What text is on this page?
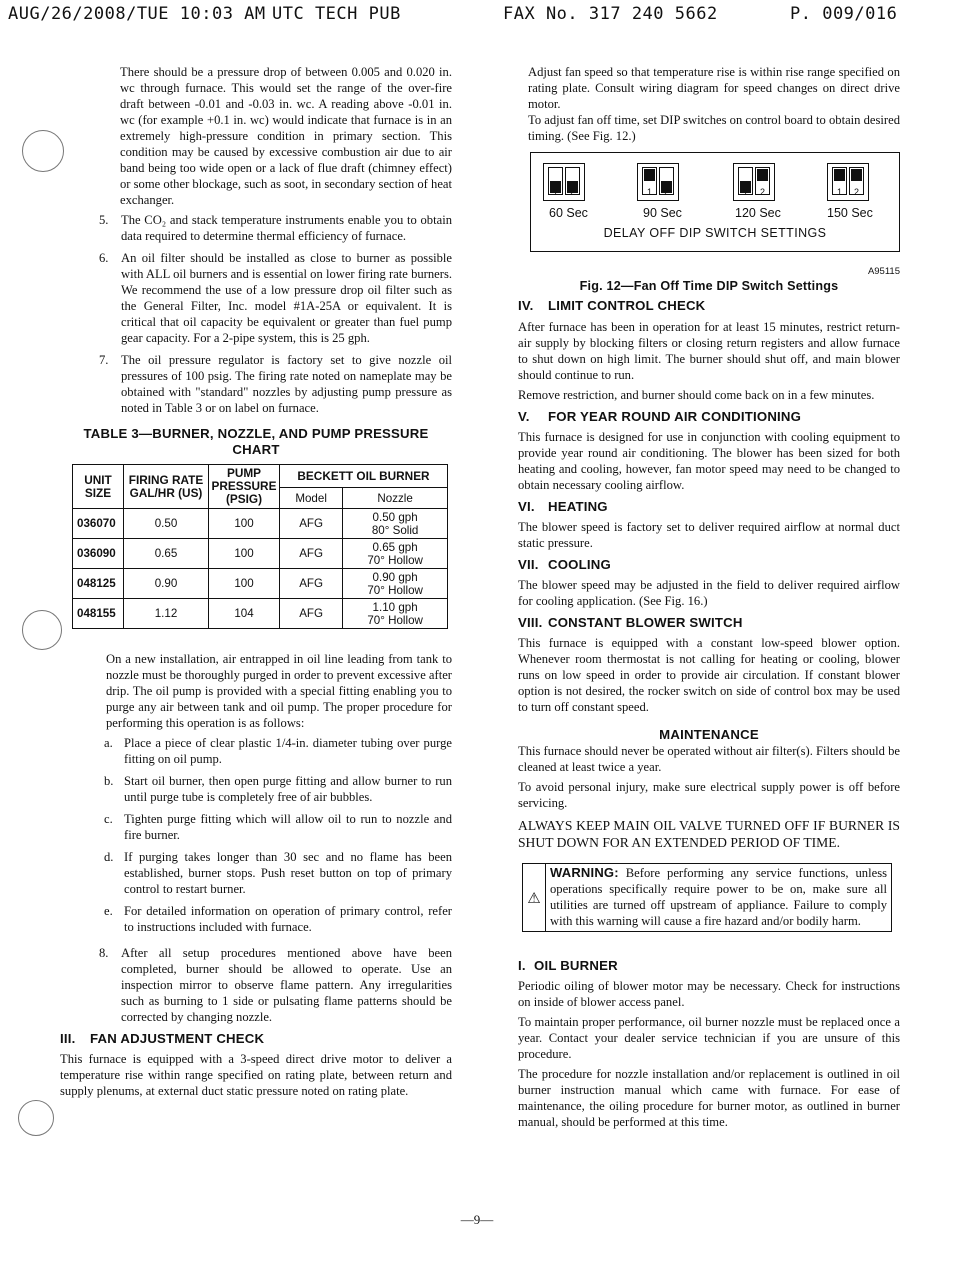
AUG/26/2008/TUE 10:03 AM UTC TECH PUB	FAX No. 317 240 5662	P. 009/016

There should be a pressure drop of between 0.005 and 0.020 in. wc through furnace. This would set the range of the over-fire draft between -0.01 and -0.03 in. wc. A reading above -0.01 in. wc (for example +0.1 in. wc) would indicate that furnace is in an extremely high-pressure condition in primary section. This condition may be caused by excessive combustion air due to air band being too wide open or a lack of flue draft (chimney effect) or some other blockage, such as soot, in secondary section of heat exchanger.

5. The CO₂ and stack temperature instruments enable you to obtain data required to determine thermal efficiency of furnace.
6. An oil filter should be installed as close to burner as possible with ALL oil burners and is essential on lower firing rate burners. We recommend the use of a low pressure drop oil filter such as the General Filter, Inc. model #1A-25A or equivalent. It is critical that oil capacity be equivalent or greater than fuel pump gear capacity. For a 2-pipe system, this is 25 gph.
7. The oil pressure regulator is factory set to give nozzle oil pressures of 100 psig. The firing rate noted on nameplate may be obtained with "standard" nozzles by adjusting pump pressure as noted in Table 3 or on label on furnace.
TABLE 3—BURNER, NOZZLE, AND PUMP PRESSURE
CHART
UNIT SIZE	FIRING RATE GAL/HR (US)	PUMP PRESSURE (PSIG)	BECKETT OIL BURNER	
			Model	Nozzle
036070	0.50	100	AFG	0.50 gph
80° Solid

036090	0.65	100	AFG	0.65 gph
70° Hollow

048125	0.90	100	AFG	0.90 gph
70° Hollow

048155	1.12	104	AFG	1.10 gph
70° Hollow

On a new installation, air entrapped in oil line leading from tank to nozzle must be thoroughly purged in order to prevent excessive after drip. The oil pump is provided with a special fitting enabling you to purge any air between tank and oil pump. The proper procedure for performing this operation is as follows:

a. Place a piece of clear plastic 1/4-in. diameter tubing over purge fitting on oil pump.
b. Start oil burner, then open purge fitting and allow burner to run until purge tube is completely free of air bubbles.
c. Tighten purge fitting which will allow oil to run to nozzle and fire burner.
d. If purging takes longer than 30 sec and no flame has been established, burner stops. Push reset button on top of primary control to restart burner.
e. For detailed information on operation of primary control, refer to instructions included with furnace.
8. After all setup procedures mentioned above have been completed, burner should be allowed to operate. Use an inspection mirror to observe flame pattern. Any irregularities such as burning to 1 side or pulsating flame patterns should be corrected by changing nozzle.
III. FAN ADJUSTMENT CHECK

This furnace is equipped with a 3-speed direct drive motor to deliver a temperature rise within range specified on rating plate, between return and supply plenums, at external duct static pressure noted on rating plate.

Adjust fan speed so that temperature rise is within rise range specified on rating plate. Consult wiring diagram for speed changes on direct drive motor.

To adjust fan off time, set DIP switches on control board to obtain desired timing. (See Fig. 12.)

1	2
60 Sec
1	2
90 Sec
1	2
120 Sec
1	2
150 Sec
DELAY OFF DIP SWITCH SETTINGS
A95115
Fig. 12—Fan Off Time DIP Switch Settings
IV. LIMIT CONTROL CHECK

After furnace has been in operation for at least 15 minutes, restrict return-air supply by blocking filters or closing return registers and allow furnace to shut down on high limit. The burner should shut off, and main blower should continue to run.

Remove restriction, and burner should come back on in a few minutes.

V. FOR YEAR ROUND AIR CONDITIONING

This furnace is designed for use in conjunction with cooling equipment to provide year round air conditioning. The blower has been sized for both heating and cooling, however, fan motor speed may need to be changed to obtain necessary cooling airflow.

VI. HEATING

The blower speed is factory set to deliver required airflow at normal duct static pressure.

VII. COOLING

The blower speed may be adjusted in the field to deliver required airflow for cooling application. (See Fig. 16.)

VIII. CONSTANT BLOWER SWITCH

This furnace is equipped with a constant low-speed blower option. Whenever room thermostat is not calling for heating or cooling, blower runs on low speed in order to provide air circulation. If constant blower option is not desired, the rocker switch on side of control box may be used to turn off constant speed.

MAINTENANCE

This furnace should never be operated without air filter(s). Filters should be cleaned at least twice a year.

To avoid personal injury, make sure electrical supply power is off before servicing.

ALWAYS KEEP MAIN OIL VALVE TURNED OFF IF BURNER IS SHUT DOWN FOR AN EXTENDED PERIOD OF TIME.

⚠
WARNING: Before performing any service functions, unless operations specifically require power to be on, make sure all utilities are turned off upstream of appliance. Failure to comply with this warning will cause a fire hazard and/or bodily harm.
I. OIL BURNER

Periodic oiling of blower motor may be necessary. Check for instructions on inside of blower access panel.

To maintain proper performance, oil burner nozzle must be replaced once a year. Contact your dealer service technician if you are unsure of this procedure.

The procedure for nozzle installation and/or replacement is outlined in oil burner instruction manual which came with furnace. For ease of maintenance, the oiling procedure for burner motor, as outlined in burner manual, should be performed at this time.

—9—
